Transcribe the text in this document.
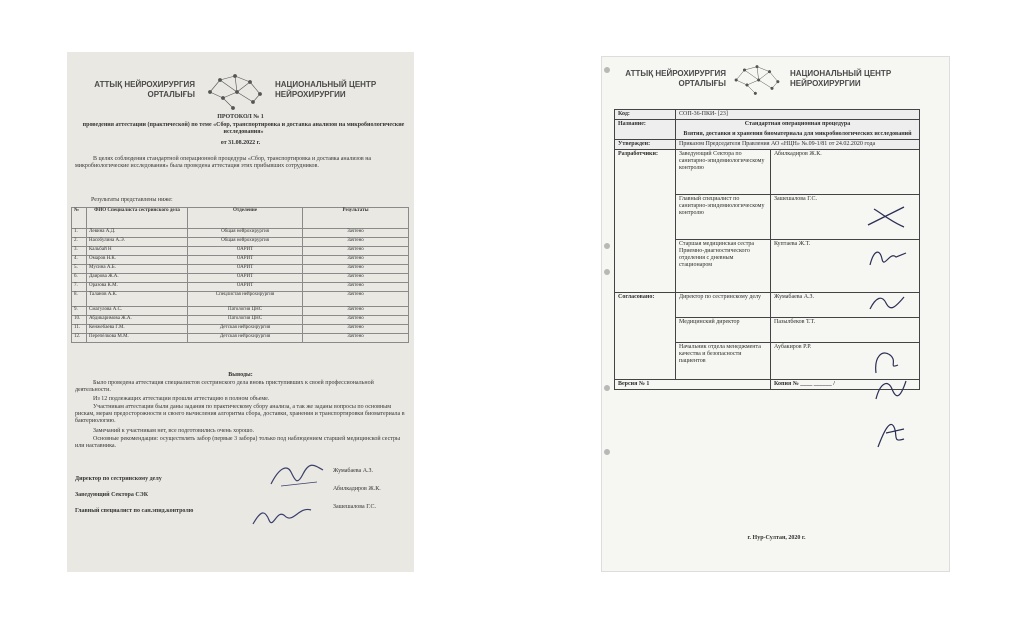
АТТЫҚ НЕЙРОХИРУРГИЯ
ОРТАЛЫҒЫ
НАЦИОНАЛЬНЫЙ ЦЕНТР
НЕЙРОХИРУРГИИ
ПРОТОКОЛ № 1
проведения аттестации (практической) по теме «Сбор, транспортировка и доставка анализов на микробиологические исследования»
от 31.08.2022 г.
В целях соблюдения стандартной операционной процедуры «Сбор, транспортировка и доставка анализов на микробиологические исследования» была проведена аттестация этих прибывших сотрудников.
Результаты представлены ниже:
№	ФИО Специалиста сестринского дела	Отделение	Результаты
1.	Левина А.Д.	Общая нейрохирургия	Зачтено
2.	Насобулина А.Э.	Общая нейрохирургия	Зачтено
3.	Кальбай Н	ОАРИТ	Зачтено
4.	Омаров Н.К.	ОАРИТ	Зачтено
5.	Мусина А.Б.	ОАРИТ	Зачтено
6.	Даирова Ж.А.	ОАРИТ	Зачтено
7.	Оразова К.М.	ОАРИТ	Зачтено
8.	Таланов А.К.	Спецлистая нейрохирургия	Зачтено
9.	Смагулова А.С.	Патология ЦНС	Зачтено
10.	Абдикаримова Ж.А.	Патология ЦНС	Зачтено
11.	Кенжебаева Г.М.	Детская нейрохирургия	Зачтено
12.	Перепёлкова М.М.	Детская нейрохирургия	Зачтено
Выводы:
Было проведена аттестация специалистов сестринского дела вновь приступивших к своей профессиональной деятельности.
Из 12 подлежащих аттестации прошли аттестацию в полном объеме.
Участникам аттестации были даны задания по практическому сбору анализа, а так же заданы вопросы по основным рискам, мерам предосторожности и своего вычисления алгоритма сбора, доставки, хранения и транспортировки биоматериала в бактериологию.
Замечаний к участникам нет, все подготовились очень хорошо.
Основные рекомендации: осуществлять забор (первые 3 забора) только под наблюдением старшей медицинской сестры или наставника.
Директор по сестринскому делу
Жумабаева А.З.
Заведующий Сектора СЭК
Абилкадиров Ж.К.
Главный специалист по сан.эпид.контролю
Зашешалова Г.С.
АТТЫҚ НЕЙРОХИРУРГИЯ
ОРТАЛЫҒЫ
НАЦИОНАЛЬНЫЙ ЦЕНТР
НЕЙРОХИРУРГИИ
Код:	СОП-36-ПКИ- [23]	
Название:	Стандартная операционная процедура
Взятия, доставки и хранения биоматериала для микробиологических исследований	

Утвержден:	Приказом Председателя Правления АО «НЦН» №.09-1/81 от 24.02.2020 года	
Разработчики:	Заведующий Сектора по санитарно-эпидемиологическому контролю	Абилкадиров Ж.К.
	Главный специалист по санитарно-эпидемиологическому контролю	Зашешалова Г.С.
	Старшая медицинская сестра Приемно-диагностического отделения с дневным стационаром	Куптаева Ж.Т.
Согласовано:	Директор по сестринскому делу	Жумабаева А.З.
	Медицинский директор	Пазылбеков Т.Т.
	Начальник отдела менеджмента качества и безопасности пациентов	Аубакиров Р.Р.
Версия № 1		Копия № ____ ______ /
г. Нур-Султан, 2020 г.
